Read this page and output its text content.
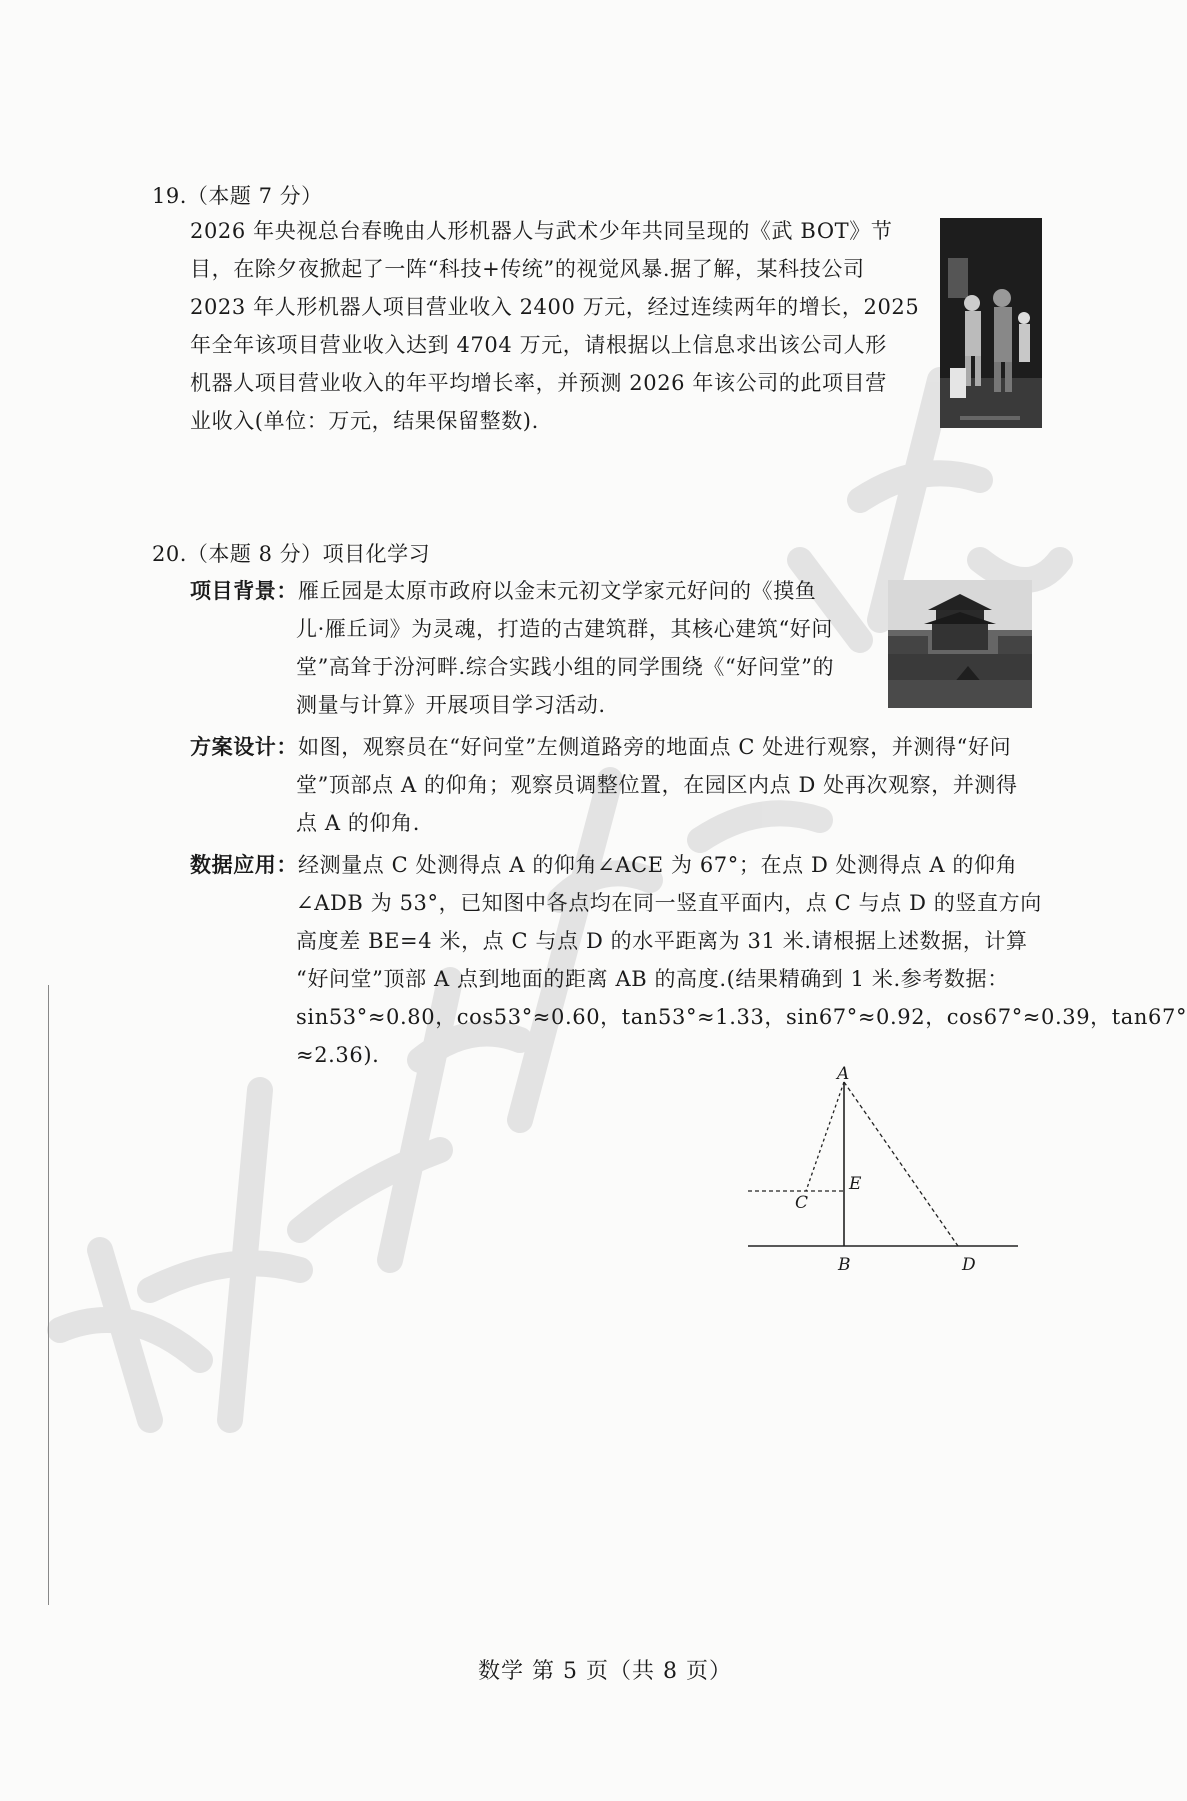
19.（本题 7 分）
2026 年央视总台春晚由人形机器人与武术少年共同呈现的《武 BOT》节
目，在除夕夜掀起了一阵“科技+传统”的视觉风暴.据了解，某科技公司
2023 年人形机器人项目营业收入 2400 万元，经过连续两年的增长，2025
年全年该项目营业收入达到 4704 万元，请根据以上信息求出该公司人形
机器人项目营业收入的年平均增长率，并预测 2026 年该公司的此项目营
业收入(单位：万元，结果保留整数).
20.（本题 8 分）项目化学习
项目背景：雁丘园是太原市政府以金末元初文学家元好问的《摸鱼
儿·雁丘词》为灵魂，打造的古建筑群，其核心建筑“好问
堂”高耸于汾河畔.综合实践小组的同学围绕《“好问堂”的
测量与计算》开展项目学习活动.
方案设计：如图，观察员在“好问堂”左侧道路旁的地面点 C 处进行观察，并测得“好问
堂”顶部点 A 的仰角；观察员调整位置，在园区内点 D 处再次观察，并测得
点 A 的仰角.
数据应用：经测量点 C 处测得点 A 的仰角∠ACE 为 67°；在点 D 处测得点 A 的仰角
∠ADB 为 53°，已知图中各点均在同一竖直平面内，点 C 与点 D 的竖直方向
高度差 BE=4 米，点 C 与点 D 的水平距离为 31 米.请根据上述数据，计算
“好问堂”顶部 A 点到地面的距离 AB 的高度.(结果精确到 1 米.参考数据：
sin53°≈0.80，cos53°≈0.60，tan53°≈1.33，sin67°≈0.92，cos67°≈0.39，tan67°
≈2.36).
A
B
C
E
D
数学 第 5 页（共 8 页）
